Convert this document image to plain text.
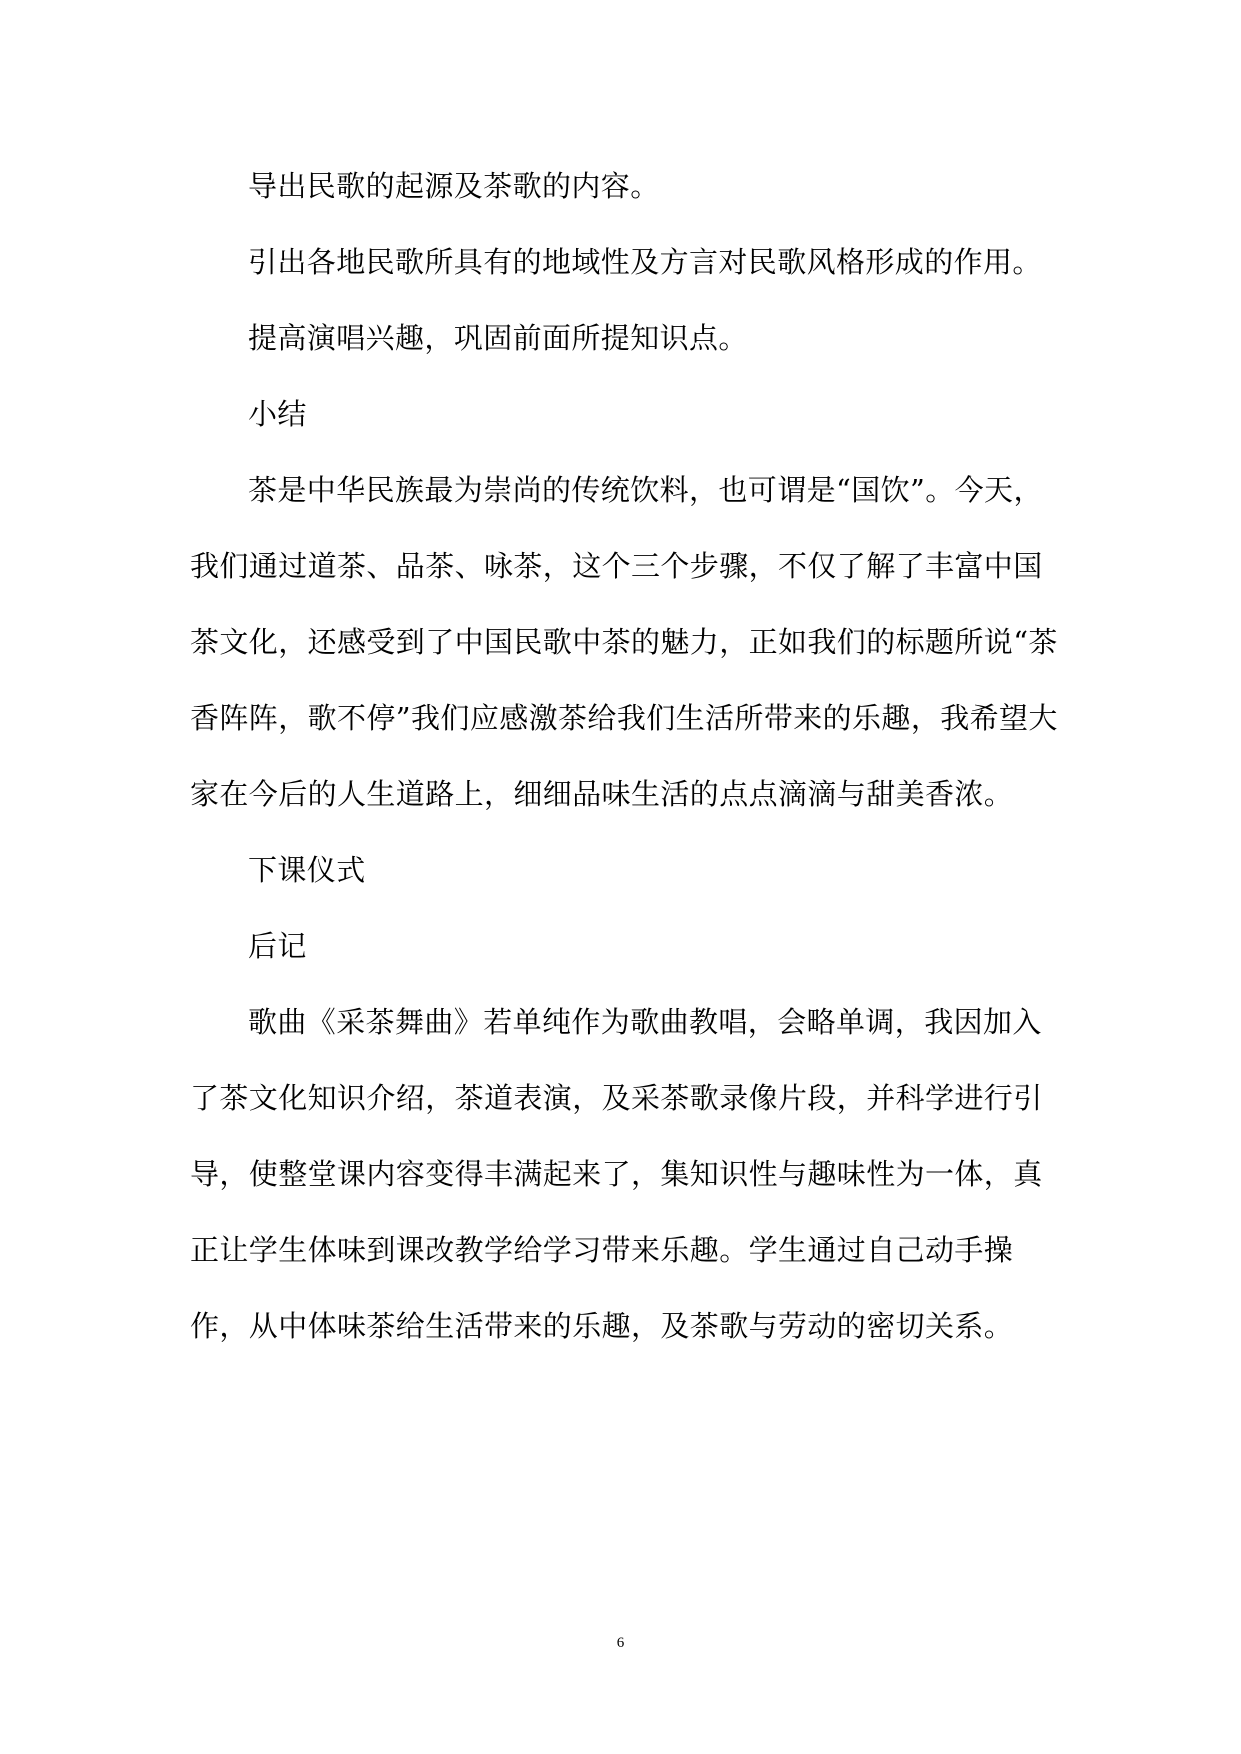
导出民歌的起源及茶歌的内容。

引出各地民歌所具有的地域性及方言对民歌风格形成的作用。

提高演唱兴趣，巩固前面所提知识点。

小结

茶是中华民族最为崇尚的传统饮料，也可谓是“国饮”。今天，我们通过道茶、品茶、咏茶，这个三个步骤，不仅了解了丰富中国茶文化，还感受到了中国民歌中茶的魅力，正如我们的标题所说“茶香阵阵，歌不停”我们应感激茶给我们生活所带来的乐趣，我希望大家在今后的人生道路上，细细品味生活的点点滴滴与甜美香浓。

下课仪式

后记

歌曲《采茶舞曲》若单纯作为歌曲教唱，会略单调，我因加入了茶文化知识介绍，茶道表演，及采茶歌录像片段，并科学进行引导，使整堂课内容变得丰满起来了，集知识性与趣味性为一体，真正让学生体味到课改教学给学习带来乐趣。学生通过自己动手操作，从中体味茶给生活带来的乐趣，及茶歌与劳动的密切关系。

6
